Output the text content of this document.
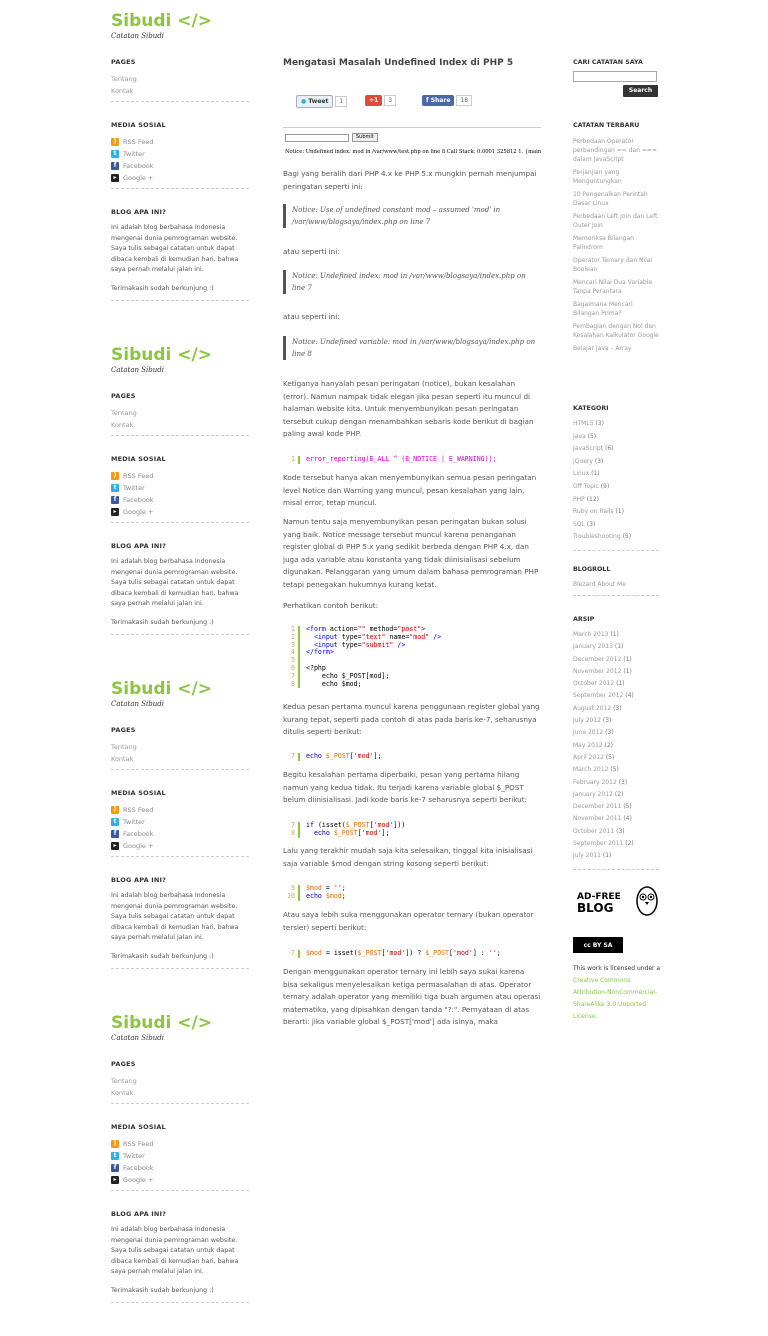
Sibudi </>
Catatan Sibudi
PAGES
Tentang
Kontak
MEDIA SOSIAL
)	RSS Feed
t	Twitter
f	Facebook
▸	Google +
BLOG APA INI?
Ini adalah blog berbahasa Indonesia mengenai dunia pemrograman website. Saya tulis sebagai catatan untuk dapat dibaca kembali di kemudian hari, bahwa saya pernah melalui jalan ini.
Terimakasih sudah berkunjung :)
Sibudi </>
Catatan Sibudi
PAGES
Tentang
Kontak
MEDIA SOSIAL
)	RSS Feed
t	Twitter
f	Facebook
▸	Google +
BLOG APA INI?
Ini adalah blog berbahasa Indonesia mengenai dunia pemrograman website. Saya tulis sebagai catatan untuk dapat dibaca kembali di kemudian hari, bahwa saya pernah melalui jalan ini.
Terimakasih sudah berkunjung :)
Sibudi </>
Catatan Sibudi
PAGES
Tentang
Kontak
MEDIA SOSIAL
)	RSS Feed
t	Twitter
f	Facebook
▸	Google +
BLOG APA INI?
Ini adalah blog berbahasa Indonesia mengenai dunia pemrograman website. Saya tulis sebagai catatan untuk dapat dibaca kembali di kemudian hari, bahwa saya pernah melalui jalan ini.
Terimakasih sudah berkunjung :)
Sibudi </>
Catatan Sibudi
PAGES
Tentang
Kontak
MEDIA SOSIAL
)	RSS Feed
t	Twitter
f	Facebook
▸	Google +
BLOG APA INI?
Ini adalah blog berbahasa Indonesia mengenai dunia pemrograman website. Saya tulis sebagai catatan untuk dapat dibaca kembali di kemudian hari, bahwa saya pernah melalui jalan ini.
Terimakasih sudah berkunjung :)
Mengatasi Masalah Undefined Index di PHP 5
● Tweet	1	+1	3	f Share	18
Submit
Notice: Undefined index: mod in /var/www/test.php on line 8 Call Stack: 0.0001 325812 1. {main
Bagi yang beralih dari PHP 4.x ke PHP 5.x mungkin pernah menjumpai peringatan seperti ini:
Notice: Use of undefined constant mod – assumed 'mod' in /var/www/blogsaya/index.php on line 7
atau seperti ini:
Notice: Undefined index: mod in /var/www/blogsaya/index.php on line 7
atau seperti ini:
Notice: Undefined variable: mod in /var/www/blogsaya/index.php on line 8
Ketiganya hanyalah pesan peringatan (notice), bukan kesalahan (error). Namun nampak tidak elegan jika pesan seperti itu muncul di halaman website kita. Untuk menyembunyikan pesan peringatan tersebut cukup dengan menambahkan sebaris kode berikut di bagian paling awal kode PHP.
1 error_reporting(E_ALL ^ (E_NOTICE | E_WARNING));
Kode tersebut hanya akan menyembunyikan semua pesan peringatan level Notice dan Warning yang muncul, pesan kesalahan yang lain, misal error, tetap muncul.
Namun tentu saja menyembunyikan pesan peringatan bukan solusi yang baik. Notice message tersebut muncul karena penanganan register global di PHP 5.x yang sedikit berbeda dengan PHP 4.x, dan juga ada variable atau konstanta yang tidak diinisialisasi sebelum digunakan. Pelanggaran yang umum dalam bahasa pemrograman PHP tetapi penegakan hukumnya kurang ketat.
Perhatikan contoh berikut:
1 <form action="" method="post">
2	<input type="text" name="mod" />
3	<input type="submit" />
4 </form>
5

6 <?php
7 echo $_POST[mod];
8 echo $mod;
Kedua pesan pertama muncul karena penggunaan register global yang kurang tepat, seperti pada contoh di atas pada baris ke-7, seharusnya ditulis seperti berikut:
7 echo $_POST['mod'];
Begitu kesalahan pertama diperbaiki, pesan yang pertama hilang namun yang kedua tidak. Itu terjadi karena variable global $_POST belum diinisialisasi. Jadi kode baris ke-7 seharusnya seperti berikut:
7 if (isset($_POST['mod']))
8	echo $_POST['mod'];
Lalu yang terakhir mudah saja kita selesaikan, tinggal kita inisialisasi saja variable $mod dengan string kosong seperti berikut:
9 $mod = '';
10 echo $mod;
Atau saya lebih suka menggunakan operator ternary (bukan operator tersier) seperti berikut:
7 $mod = isset($_POST['mod']) ? $_POST['mod'] : '';
Dengan menggunakan operator ternary ini lebih saya sukai karena bisa sekaligus menyelesaikan ketiga permasalahan di atas. Operator ternary adalah operator yang memiliki tiga buah argumen atau operasi matematika, yang dipisahkan dengan tanda "?:". Pernyataan di atas berarti: jika variable global $_POST['mod'] ada isinya, maka
CARI CATATAN SAYA
Search
CATATAN TERBARU
Perbedaan Operator perbandingan == dan === dalam JavaScript
Perjanjian yang Menguntungkan
10 Pengenalkan Perintah Dasar Linux
Perbedaan Left Join dan Left Outer Join
Memeriksa Bilangan Palindrom
Operator Ternary dan Nilai Boolean
Mencari Nilai Dua Variable Tanpa Perantara
Bagaimana Mencari Bilangan Prima?
Pembagian dengan Nol dan Kesalahan Kalkulator Google
Belajar Java – Array
KATEGORI
HTML5 (3)
Java (5)
JavaScript (6)
jQuery (3)
Linux (1)
Off Topic (9)
PHP (12)
Ruby on Rails (1)
SQL (3)
Troubleshooting (5)
BLOGROLL
Blezard About Me
ARSIP
March 2013 (1)
January 2013 (1)
December 2012 (1)
November 2012 (1)
October 2012 (1)
September 2012 (4)
August 2012 (3)
July 2012 (3)
June 2012 (3)
May 2012 (2)
April 2012 (5)
March 2012 (5)
February 2012 (3)
January 2012 (2)
December 2011 (5)
November 2011 (4)
October 2011 (3)
September 2011 (2)
July 2011 (1)
AD-FREE
BLOG
cc BY SA
This work is licensed under a Creative Commons Attribution-NonCommercial-ShareAlike 3.0 Unported License.
